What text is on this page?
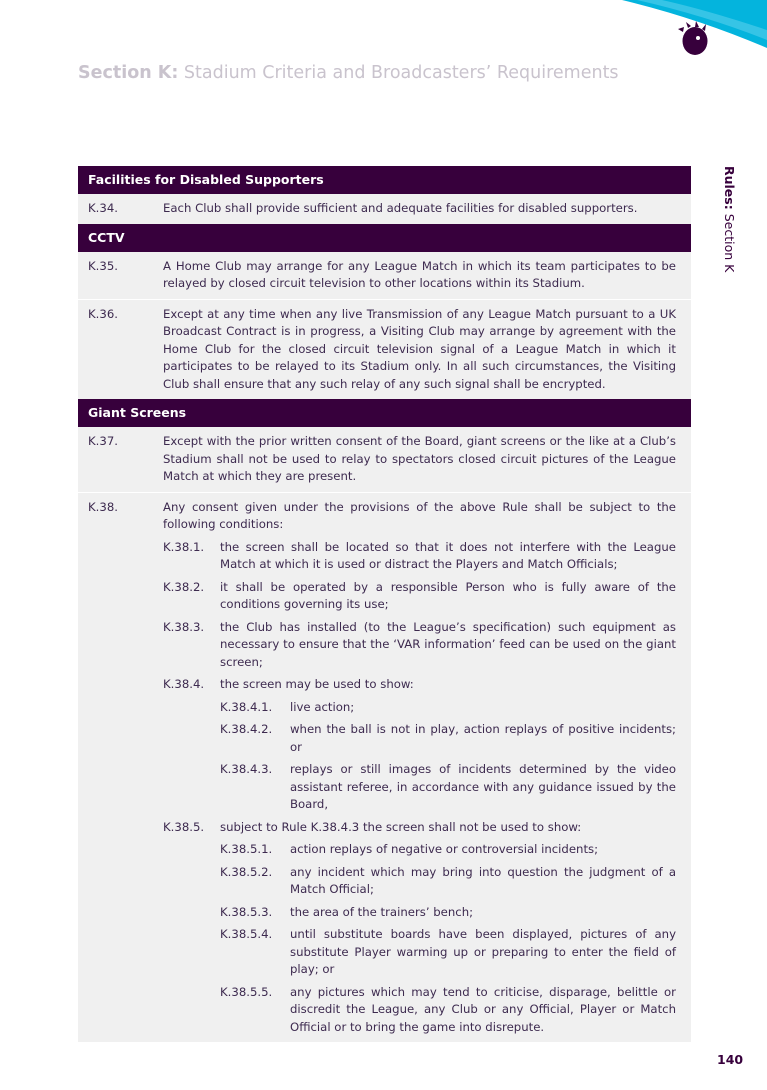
Section K: Stadium Criteria and Broadcasters’ Requirements
Rules: Section K
Facilities for Disabled Supporters
K.34.	Each Club shall provide sufficient and adequate facilities for disabled supporters.
CCTV
K.35.	A Home Club may arrange for any League Match in which its team participates to be relayed by closed circuit television to other locations within its Stadium.
K.36.	Except at any time when any live Transmission of any League Match pursuant to a UK Broadcast Contract is in progress, a Visiting Club may arrange by agreement with the Home Club for the closed circuit television signal of a League Match in which it participates to be relayed to its Stadium only. In all such circumstances, the Visiting Club shall ensure that any such relay of any such signal shall be encrypted.
Giant Screens
K.37.	Except with the prior written consent of the Board, giant screens or the like at a Club’s Stadium shall not be used to relay to spectators closed circuit pictures of the League Match at which they are present.
K.38.	Any consent given under the provisions of the above Rule shall be subject to the following conditions:
K.38.1.	the screen shall be located so that it does not interfere with the League Match at which it is used or distract the Players and Match Officials;
K.38.2.	it shall be operated by a responsible Person who is fully aware of the conditions governing its use;
K.38.3.	the Club has installed (to the League’s specification) such equipment as necessary to ensure that the ‘VAR information’ feed can be used on the giant screen;
K.38.4.	the screen may be used to show:
K.38.4.1.	live action;
K.38.4.2.	when the ball is not in play, action replays of positive incidents; or
K.38.4.3.	replays or still images of incidents determined by the video assistant referee, in accordance with any guidance issued by the Board,
K.38.5.	subject to Rule K.38.4.3 the screen shall not be used to show:
K.38.5.1.	action replays of negative or controversial incidents;
K.38.5.2.	any incident which may bring into question the judgment of a Match Official;
K.38.5.3.	the area of the trainers’ bench;
K.38.5.4.	until substitute boards have been displayed, pictures of any substitute Player warming up or preparing to enter the field of play; or
K.38.5.5.	any pictures which may tend to criticise, disparage, belittle or discredit the League, any Club or any Official, Player or Match Official or to bring the game into disrepute.
140
